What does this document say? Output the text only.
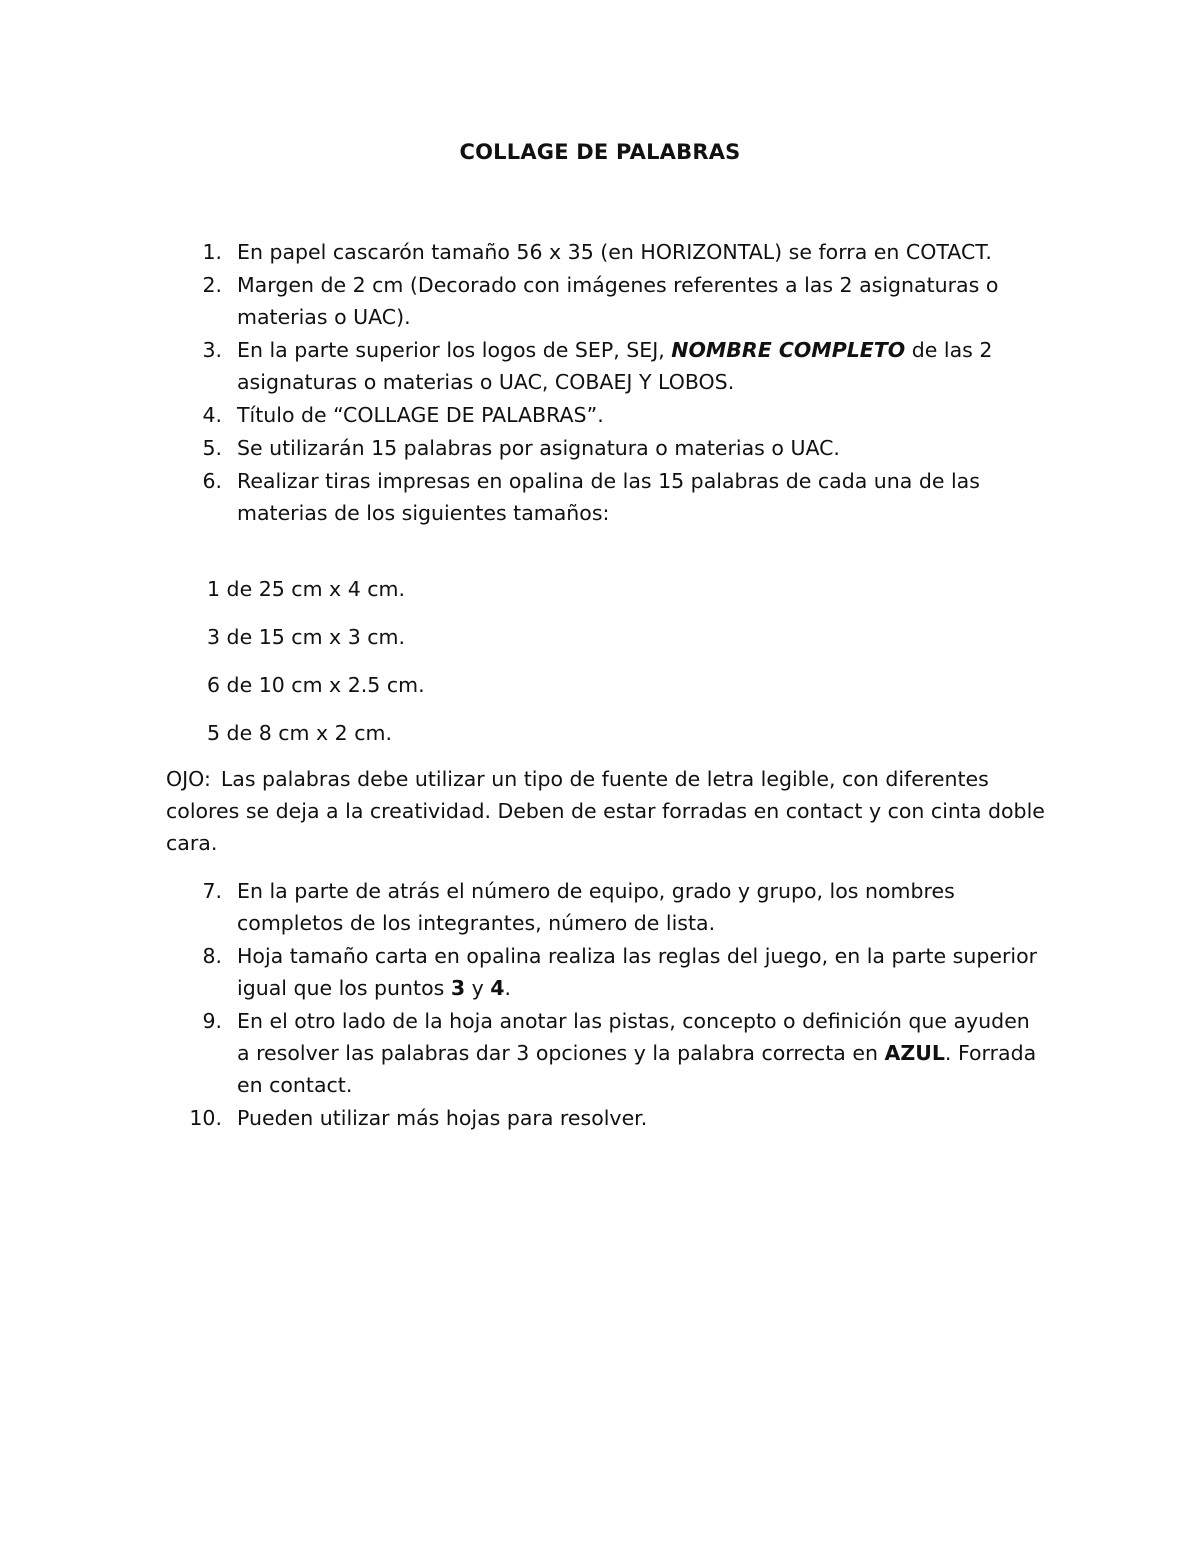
COLLAGE DE PALABRAS
1. En papel cascarón tamaño 56 x 35 (en HORIZONTAL) se forra en COTACT.
2. Margen de 2 cm (Decorado con imágenes referentes a las 2 asignaturas o materias o UAC).
3. En la parte superior los logos de SEP, SEJ, NOMBRE COMPLETO de las 2 asignaturas o materias o UAC, COBAEJ Y LOBOS.
4. Título de “COLLAGE DE PALABRAS”.
5. Se utilizarán 15 palabras por asignatura o materias o UAC.
6. Realizar tiras impresas en opalina de las 15 palabras de cada una de las materias de los siguientes tamaños:
1 de 25 cm x 4 cm.
3 de 15 cm x 3 cm.
6 de 10 cm x 2.5 cm.
5 de 8 cm x 2 cm.
OJO: Las palabras debe utilizar un tipo de fuente de letra legible, con diferentes colores se deja a la creatividad. Deben de estar forradas en contact y con cinta doble cara.
7. En la parte de atrás el número de equipo, grado y grupo, los nombres completos de los integrantes, número de lista.
8. Hoja tamaño carta en opalina realiza las reglas del juego, en la parte superior igual que los puntos 3 y 4.
9. En el otro lado de la hoja anotar las pistas, concepto o definición que ayuden a resolver las palabras dar 3 opciones y la palabra correcta en AZUL. Forrada en contact.
10. Pueden utilizar más hojas para resolver.
